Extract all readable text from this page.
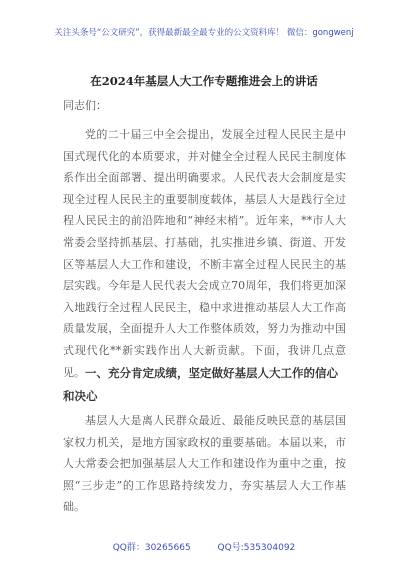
关注头条号“公文研究”，获得最新最全最专业的公文资料库！ 微信：gongwenj
在2024年基层人大工作专题推进会上的讲话
同志们：

党的二十届三中全会提出，发展全过程人民民主是中国式现代化的本质要求，并对健全全过程人民民主制度体系作出全面部署、提出明确要求。人民代表大会制度是实现全过程人民民主的重要制度载体，基层人大是践行全过程人民民主的前沿阵地和“神经末梢”。近年来，**市人大常委会坚持抓基层、打基础，扎实推进乡镇、街道、开发区等基层人大工作和建设，不断丰富全过程人民民主的基层实践。今年是人民代表大会成立70周年，我们将更加深入地践行全过程人民民主，稳中求进推动基层人大工作高质量发展，全面提升人大工作整体质效，努力为推动中国式现代化**新实践作出人大新贡献。下面，我讲几点意见。 一、充分肯定成绩，坚定做好基层人大工作的信心和决心

基层人大是离人民群众最近、最能反映民意的基层国家权力机关，是地方国家政权的重要基础。本届以来，市人大常委会把加强基层人大工作和建设作为重中之重，按照“三步走”的工作思路持续发力，夯实基层人大工作基础。

QQ群：30265665	QQ号:535304092
